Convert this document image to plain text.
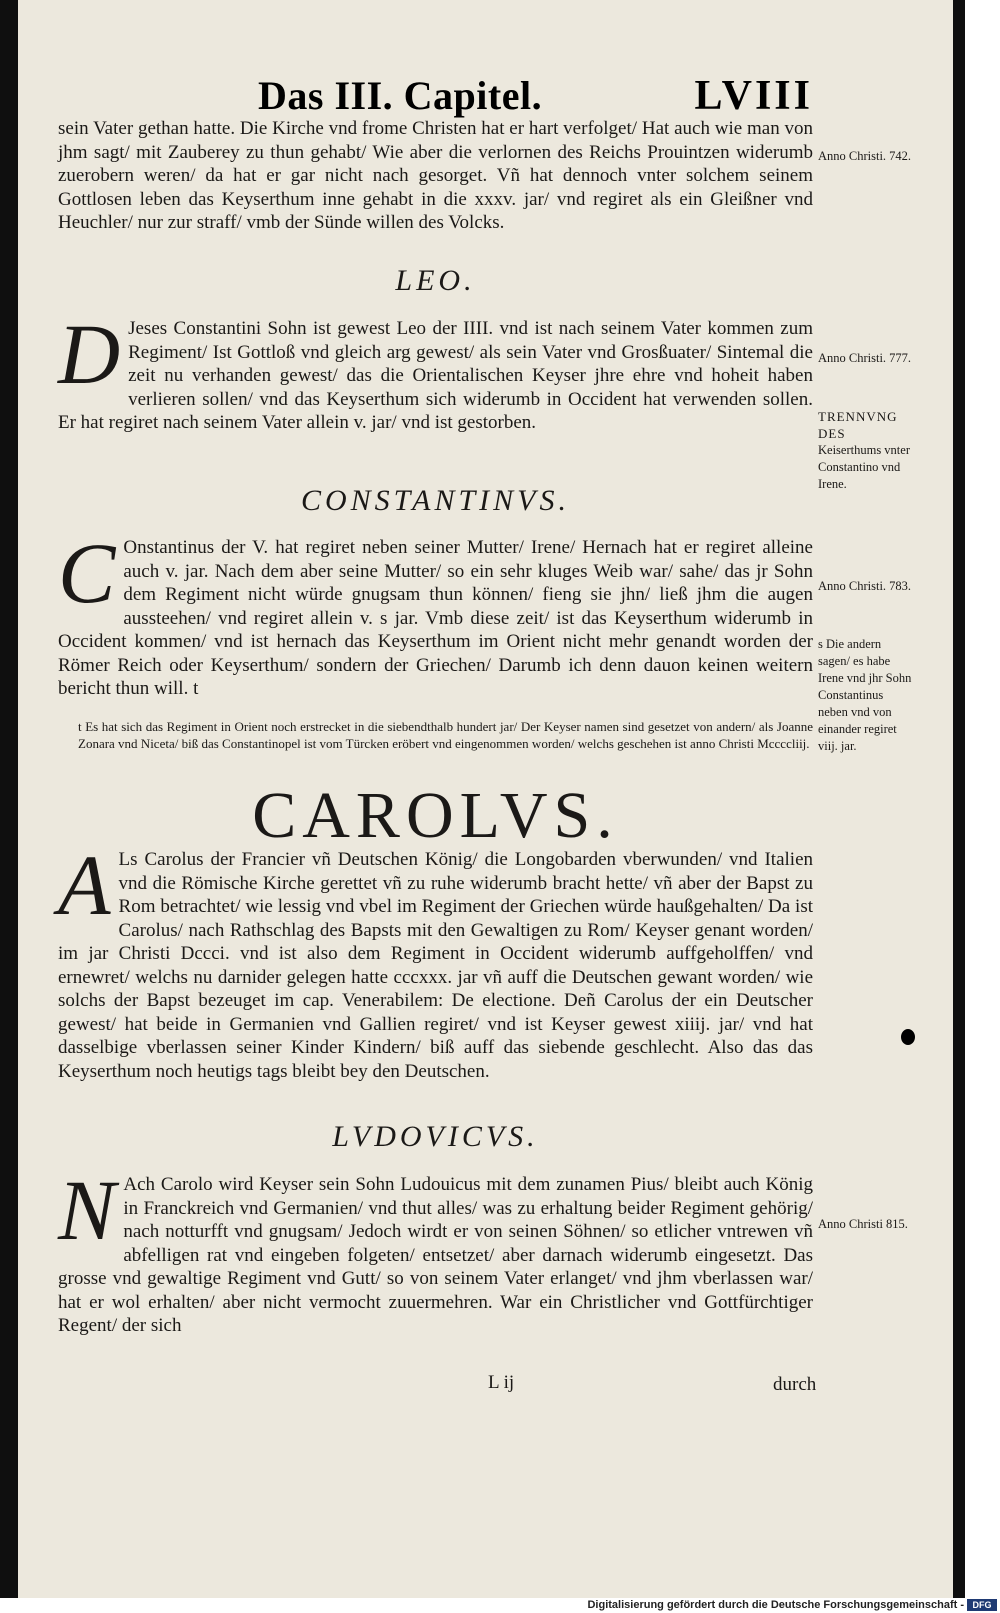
Das III. Capitel.	LVIII
sein Vater gethan hatte. Die Kirche vnd frome Christen hat er hart verfolget/ Hat auch wie man von jhm sagt/ mit Zauberey zu thun gehabt/ Wie aber die verlornen des Reichs Prouintzen widerumb zuerobern weren/ da hat er gar nicht nach gesorget. Vñ hat dennoch vnter solchem seinem Gottlosen leben das Keyserthum inne gehabt in die xxxv. jar/ vnd regiret als ein Gleißner vnd Heuchler/ nur zur straff/ vmb der Sünde willen des Volcks.
LEO.
D Jeses Constantini Sohn ist gewest Leo der IIII. vnd ist nach seinem Vater kommen zum Regiment/ Ist Gottloß vnd gleich arg gewest/ als sein Vater vnd Grosßuater/ Sintemal die zeit nu verhanden gewest/ das die Orientalischen Keyser jhre ehre vnd hoheit haben verlieren sollen/ vnd das Keyserthum sich widerumb in Occident hat verwenden sollen. Er hat regiret nach seinem Vater allein v. jar/ vnd ist gestorben.
CONSTANTINVS.
C Onstantinus der V. hat regiret neben seiner Mutter/ Irene/ Hernach hat er regiret alleine auch v. jar. Nach dem aber seine Mutter/ so ein sehr kluges Weib war/ sahe/ das jr Sohn dem Regiment nicht würde gnugsam thun können/ fieng sie jhn/ ließ jhm die augen aussteehen/ vnd regiret allein v. s jar. Vmb diese zeit/ ist das Keyserthum widerumb in Occident kommen/ vnd ist hernach das Keyserthum im Orient nicht mehr genandt worden der Römer Reich oder Keyserthum/ sondern der Griechen/ Darumb ich denn dauon keinen weitern bericht thun will. t
t Es hat sich das Regiment in Orient noch erstrecket in die siebendthalb hundert jar/ Der Keyser namen sind gesetzet von andern/ als Joanne Zonara vnd Niceta/ biß das Constantinopel ist vom Türcken eröbert vnd eingenommen worden/ welchs geschehen ist anno Christi Mccccliij.
CAROLVS.
A Ls Carolus der Francier vñ Deutschen König/ die Longobarden vberwunden/ vnd Italien vnd die Römische Kirche gerettet vñ zu ruhe widerumb bracht hette/ vñ aber der Bapst zu Rom betrachtet/ wie lessig vnd vbel im Regiment der Griechen würde haußgehalten/ Da ist Carolus/ nach Rathschlag des Bapsts mit den Gewaltigen zu Rom/ Keyser genant worden/ im jar Christi Dccci. vnd ist also dem Regiment in Occident widerumb auffgeholffen/ vnd ernewret/ welchs nu darnider gelegen hatte cccxxx. jar vñ auff die Deutschen gewant worden/ wie solchs der Bapst bezeuget im cap. Venerabilem: De electione. Deñ Carolus der ein Deutscher gewest/ hat beide in Germanien vnd Gallien regiret/ vnd ist Keyser gewest xiiij. jar/ vnd hat dasselbige vberlassen seiner Kinder Kindern/ biß auff das siebende geschlecht. Also das das Keyserthum noch heutigs tags bleibt bey den Deutschen.
LVDOVICVS.
N Ach Carolo wird Keyser sein Sohn Ludouicus mit dem zunamen Pius/ bleibt auch König in Franckreich vnd Germanien/ vnd thut alles/ was zu erhaltung beider Regiment gehörig/ nach notturfft vnd gnugsam/ Jedoch wirdt er von seinen Söhnen/ so etlicher vntrewen vñ abfelligen rat vnd eingeben folgeten/ entsetzet/ aber darnach widerumb eingesetzt. Das grosse vnd gewaltige Regiment vnd Gutt/ so von seinem Vater erlanget/ vnd jhm vberlassen war/ hat er wol erhalten/ aber nicht vermocht zuuermehren. War ein Christlicher vnd Gottfürchtiger Regent/ der sich
L ij	durch
Anno Christi. 742.
Anno Christi. 777.
TRENNVNG DES
Keiserthums vnter Constantino vnd Irene.
Anno Christi. 783.
s Die andern sagen/ es habe Irene vnd jhr Sohn Constantinus neben vnd von einander regiret viij. jar.
Anno Christi 815.
Digitalisierung gefördert durch die Deutsche Forschungsgemeinschaft - DFG
